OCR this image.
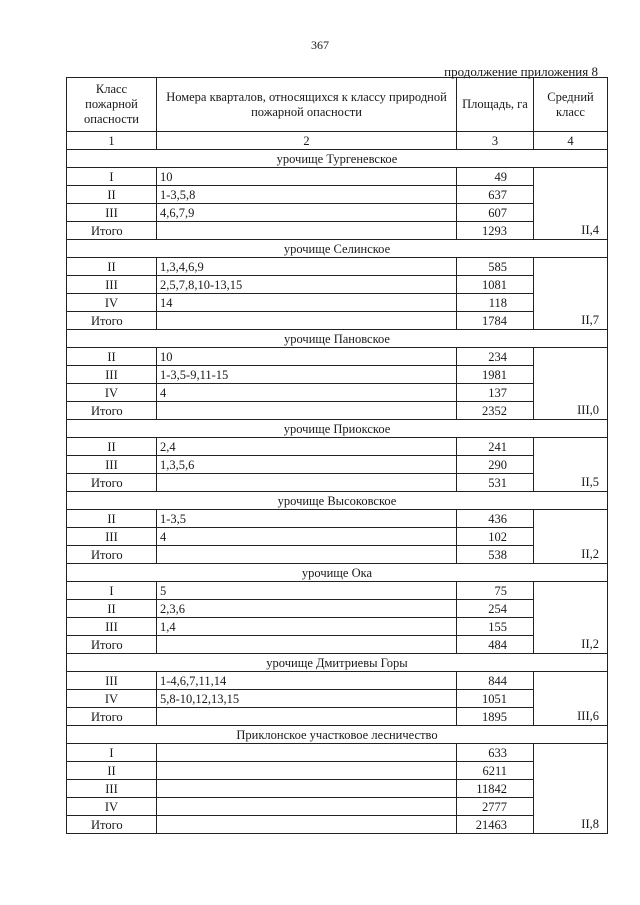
367
продолжение приложения 8
Класс пожарной опасности	Номера кварталов, относящихся к классу природной пожарной опасности	Площадь, га	Средний класс
1	2	3	4
урочище Тургеневское			
I	10	49	
II	1-3,5,8	637	
III	4,6,7,9	607	
Итого		1293	II,4
урочище Селинское			
II	1,3,4,6,9	585	
III	2,5,7,8,10-13,15	1081	
IV	14	118	
Итого		1784	II,7
урочище Пановское			
II	10	234	
III	1-3,5-9,11-15	1981	
IV	4	137	
Итого		2352	III,0
урочище Приокское			
II	2,4	241	
III	1,3,5,6	290	
Итого		531	II,5
урочище Высоковское			
II	1-3,5	436	
III	4	102	
Итого		538	II,2
урочище Ока			
I	5	75	
II	2,3,6	254	
III	1,4	155	
Итого		484	II,2
урочище Дмитриевы Горы			
III	1-4,6,7,11,14	844	
IV	5,8-10,12,13,15	1051	
Итого		1895	III,6
Приклонское участковое лесничество			
I		633	
II		6211	
III		11842	
IV		2777	
Итого		21463	II,8
